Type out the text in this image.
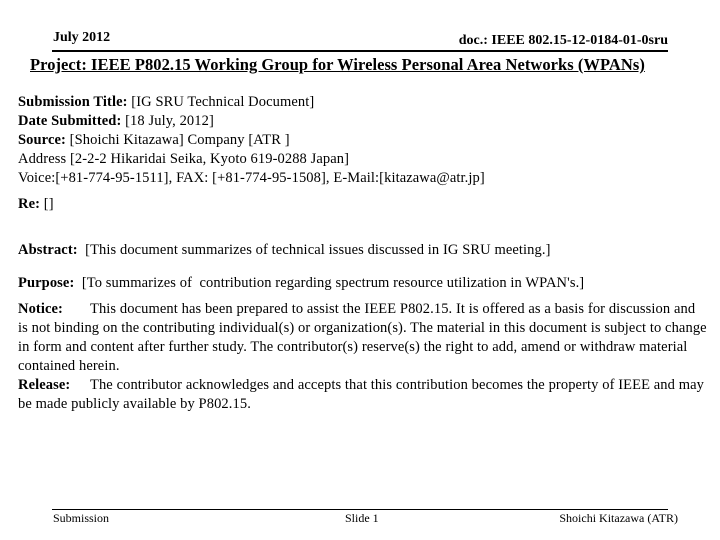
July 2012	doc.: IEEE 802.15-12-0184-01-0sru
Project: IEEE P802.15 Working Group for Wireless Personal Area Networks (WPANs)
Submission Title: [IG SRU Technical Document]
Date Submitted: [18 July, 2012]
Source: [Shoichi Kitazawa] Company [ATR ]
Address [2-2-2 Hikaridai Seika, Kyoto 619-0288 Japan]
Voice:[+81-774-95-1511], FAX: [+81-774-95-1508], E-Mail:[kitazawa@atr.jp]
Re: []
Abstract:  [This document summarizes of technical issues discussed in IG SRU meeting.]
Purpose:  [To summarizes of  contribution regarding spectrum resource utilization in WPAN's.]

Notice: This document has been prepared to assist the IEEE P802.15. It is offered as a basis for discussion and is not binding on the contributing individual(s) or organization(s). The material in this document is subject to change in form and content after further study. The contributor(s) reserve(s) the right to add, amend or withdraw material contained herein.

Release: The contributor acknowledges and accepts that this contribution becomes the property of IEEE and may be made publicly available by P802.15.

Submission	Slide 1	Shoichi Kitazawa (ATR)
